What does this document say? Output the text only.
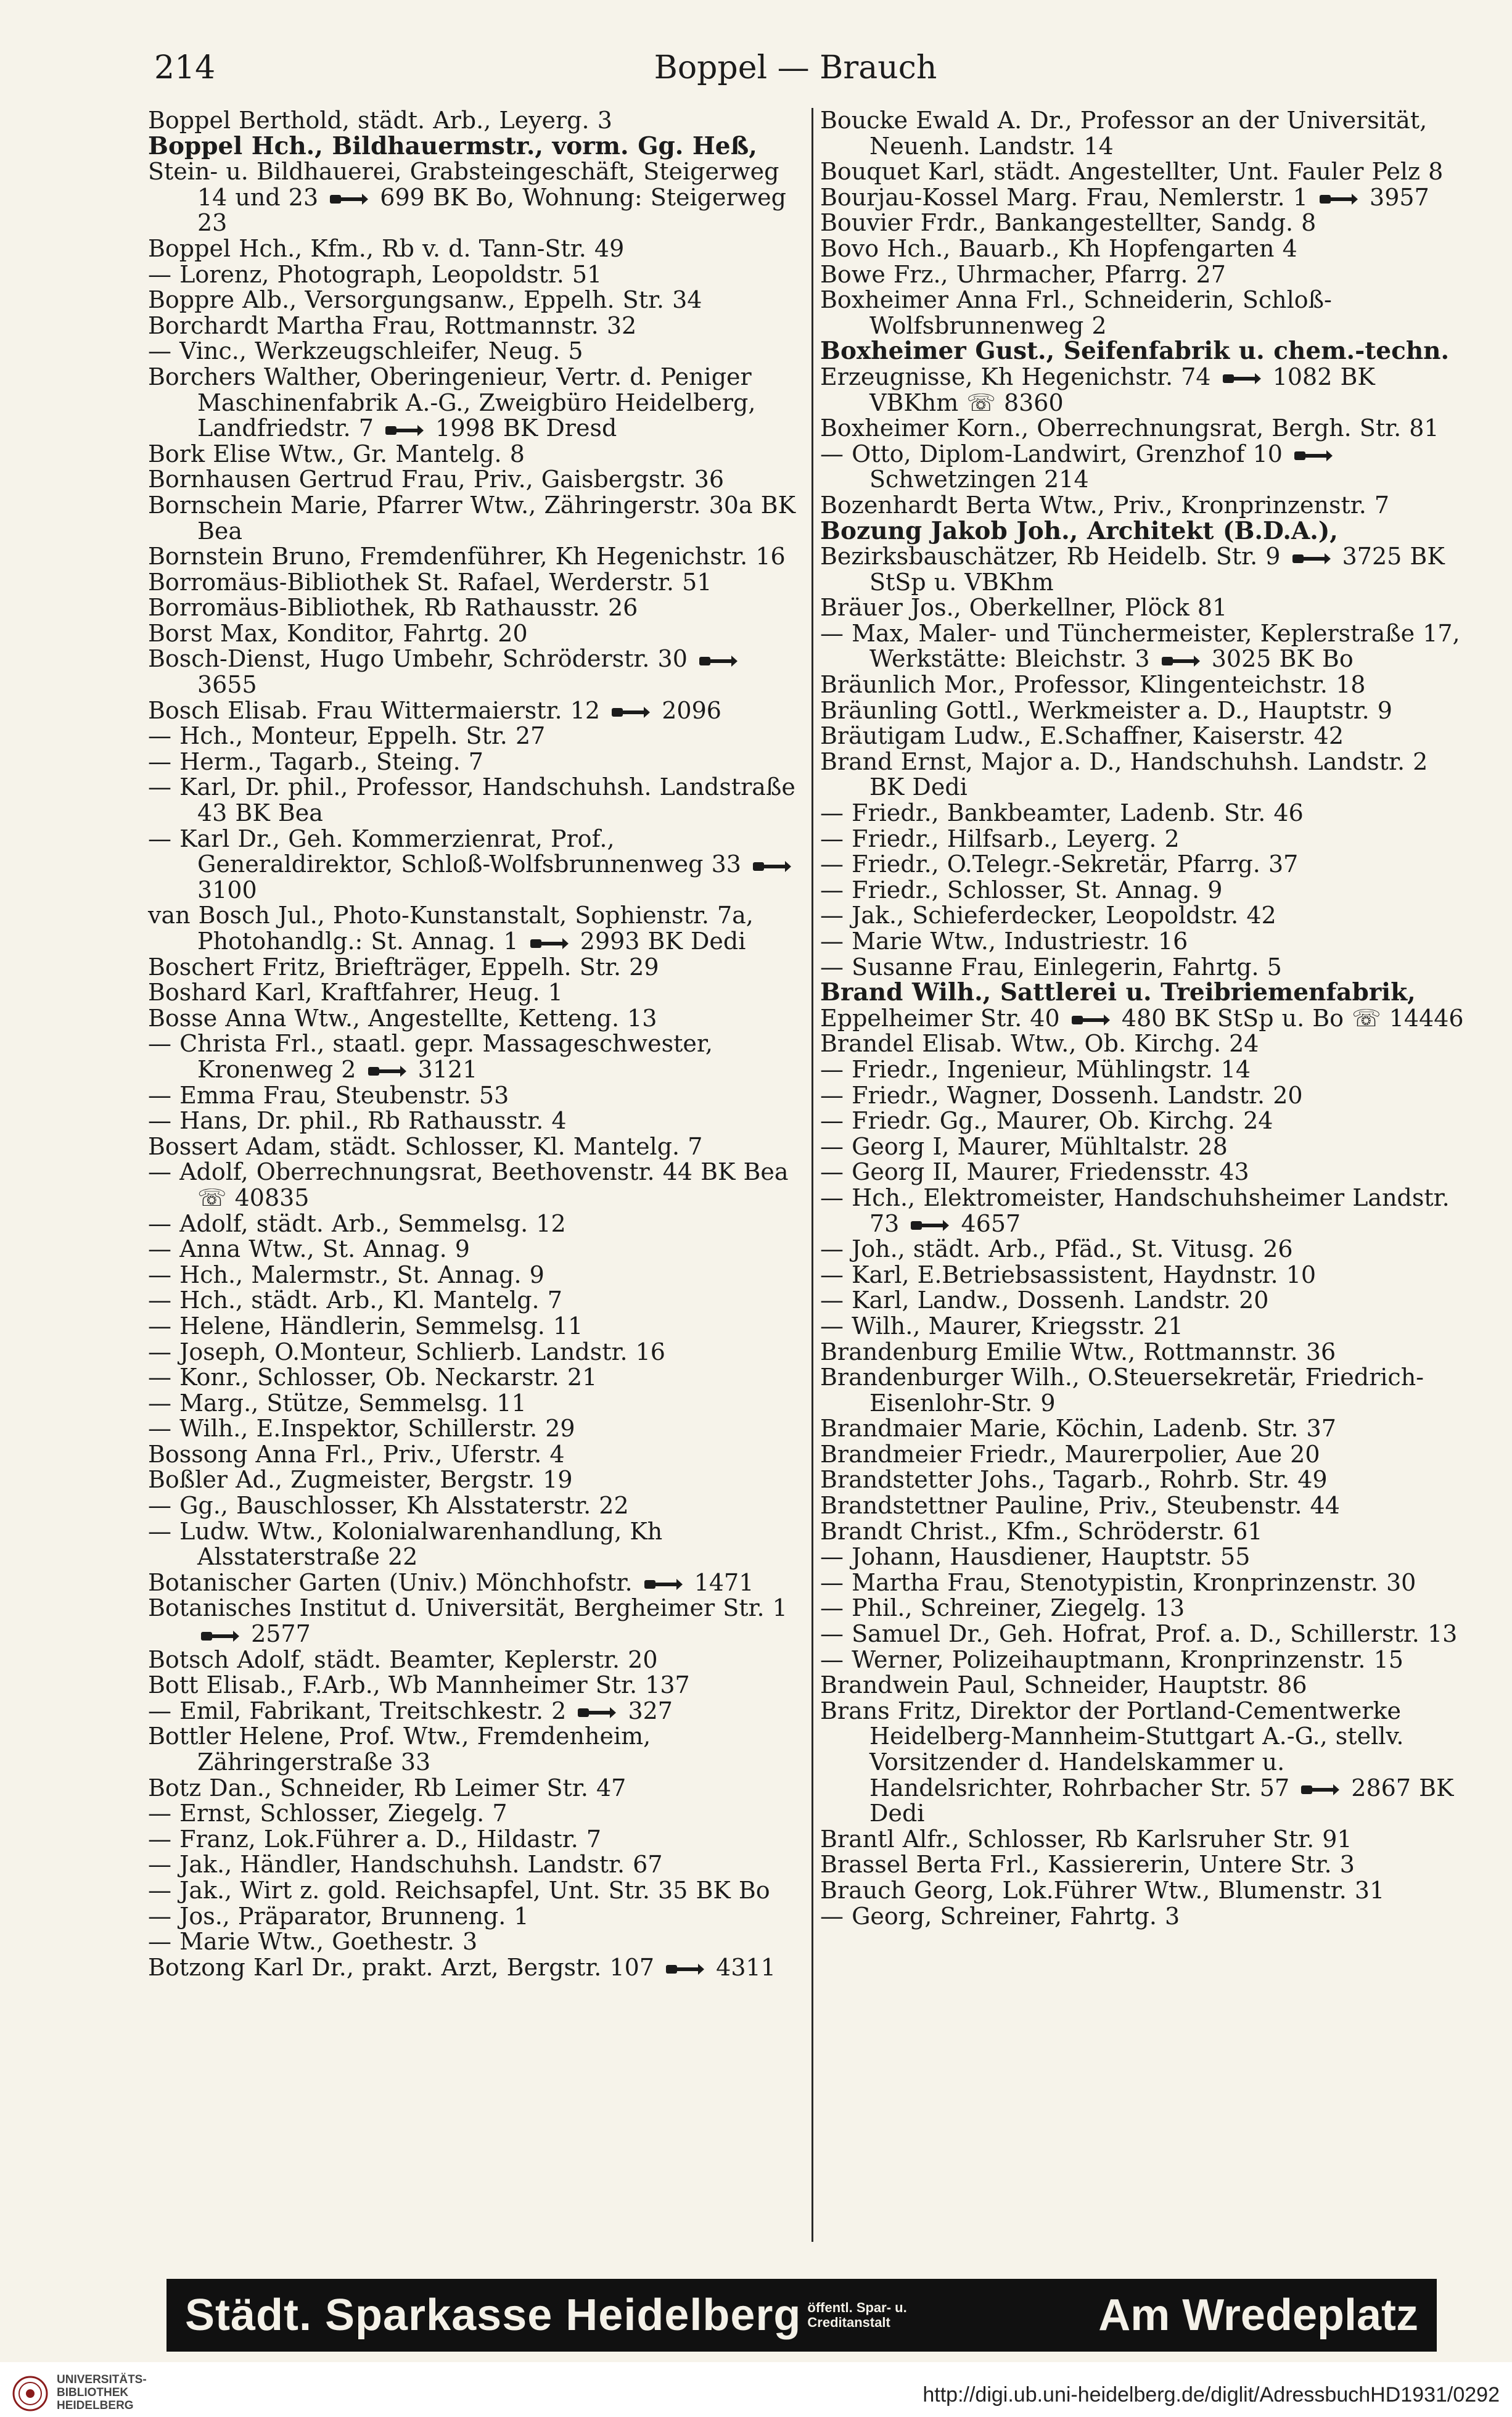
214	Boppel — Brauch
Boppel Berthold, städt. Arb., Leyerg. 3
Boppel Hch., Bildhauermstr., vorm. Gg. Heß,
Stein- u. Bildhauerei, Grabsteingeschäft, Steigerweg 14 und 23
699 BK Bo, Wohnung: Steigerweg 23
Boppel Hch., Kfm., Rb v. d. Tann-Str. 49
— Lorenz, Photograph, Leopoldstr. 51
Boppre Alb., Versorgungsanw., Eppelh. Str. 34
Borchardt Martha Frau, Rottmannstr. 32
— Vinc., Werkzeugschleifer, Neug. 5
Borchers Walther, Oberingenieur, Vertr. d. Peniger Maschinenfabrik A.-G., Zweigbüro Heidelberg, Landfriedstr. 7
1998 BK Dresd
Bork Elise Wtw., Gr. Mantelg. 8
Bornhausen Gertrud Frau, Priv., Gaisbergstr. 36
Bornschein Marie, Pfarrer Wtw., Zähringerstr. 30a BK Bea
Bornstein Bruno, Fremdenführer, Kh Hegenichstr. 16
Borromäus-Bibliothek St. Rafael, Werderstr. 51
Borromäus-Bibliothek, Rb Rathausstr. 26
Borst Max, Konditor, Fahrtg. 20
Bosch-Dienst, Hugo Umbehr, Schröderstr. 30
3655
Bosch Elisab. Frau Wittermaierstr. 12
2096
— Hch., Monteur, Eppelh. Str. 27
— Herm., Tagarb., Steing. 7
— Karl, Dr. phil., Professor, Handschuhsh. Landstraße 43 BK Bea
— Karl Dr., Geh. Kommerzienrat, Prof., Generaldirektor, Schloß-Wolfsbrunnenweg 33
3100
van Bosch Jul., Photo-Kunstanstalt, Sophienstr. 7a, Photohandlg.: St. Annag. 1
2993 BK Dedi
Boschert Fritz, Briefträger, Eppelh. Str. 29
Boshard Karl, Kraftfahrer, Heug. 1
Bosse Anna Wtw., Angestellte, Ketteng. 13
— Christa Frl., staatl. gepr. Massageschwester, Kronenweg 2
3121
— Emma Frau, Steubenstr. 53
— Hans, Dr. phil., Rb Rathausstr. 4
Bossert Adam, städt. Schlosser, Kl. Mantelg. 7
— Adolf, Oberrechnungsrat, Beethovenstr. 44 BK Bea ☏ 40835
— Adolf, städt. Arb., Semmelsg. 12
— Anna Wtw., St. Annag. 9
— Hch., Malermstr., St. Annag. 9
— Hch., städt. Arb., Kl. Mantelg. 7
— Helene, Händlerin, Semmelsg. 11
— Joseph, O.Monteur, Schlierb. Landstr. 16
— Konr., Schlosser, Ob. Neckarstr. 21
— Marg., Stütze, Semmelsg. 11
— Wilh., E.Inspektor, Schillerstr. 29
Bossong Anna Frl., Priv., Uferstr. 4
Boßler Ad., Zugmeister, Bergstr. 19
— Gg., Bauschlosser, Kh Alsstaterstr. 22
— Ludw. Wtw., Kolonialwarenhandlung, Kh Alsstaterstraße 22
Botanischer Garten (Univ.) Mönchhofstr.
1471
Botanisches Institut d. Universität, Bergheimer Str. 1
2577
Botsch Adolf, städt. Beamter, Keplerstr. 20
Bott Elisab., F.Arb., Wb Mannheimer Str. 137
— Emil, Fabrikant, Treitschkestr. 2
327
Bottler Helene, Prof. Wtw., Fremdenheim, Zähringerstraße 33
Botz Dan., Schneider, Rb Leimer Str. 47
— Ernst, Schlosser, Ziegelg. 7
— Franz, Lok.Führer a. D., Hildastr. 7
— Jak., Händler, Handschuhsh. Landstr. 67
— Jak., Wirt z. gold. Reichsapfel, Unt. Str. 35 BK Bo
— Jos., Präparator, Brunneng. 1
— Marie Wtw., Goethestr. 3
Botzong Karl Dr., prakt. Arzt, Bergstr. 107
4311
Boucke Ewald A. Dr., Professor an der Universität, Neuenh. Landstr. 14
Bouquet Karl, städt. Angestellter, Unt. Fauler Pelz 8
Bourjau-Kossel Marg. Frau, Nemlerstr. 1
3957
Bouvier Frdr., Bankangestellter, Sandg. 8
Bovo Hch., Bauarb., Kh Hopfengarten 4
Bowe Frz., Uhrmacher, Pfarrg. 27
Boxheimer Anna Frl., Schneiderin, Schloß-Wolfsbrunnenweg 2
Boxheimer Gust., Seifenfabrik u. chem.-techn.
Erzeugnisse, Kh Hegenichstr. 74
1082 BK VBKhm ☏ 8360
Boxheimer Korn., Oberrechnungsrat, Bergh. Str. 81
— Otto, Diplom-Landwirt, Grenzhof 10
Schwetzingen 214
Bozenhardt Berta Wtw., Priv., Kronprinzenstr. 7
Bozung Jakob Joh., Architekt (B.D.A.),
Bezirksbauschätzer, Rb Heidelb. Str. 9
3725 BK StSp u. VBKhm
Bräuer Jos., Oberkellner, Plöck 81
— Max, Maler- und Tünchermeister, Keplerstraße 17, Werkstätte: Bleichstr. 3
3025 BK Bo
Bräunlich Mor., Professor, Klingenteichstr. 18
Bräunling Gottl., Werkmeister a. D., Hauptstr. 9
Bräutigam Ludw., E.Schaffner, Kaiserstr. 42
Brand Ernst, Major a. D., Handschuhsh. Landstr. 2 BK Dedi
— Friedr., Bankbeamter, Ladenb. Str. 46
— Friedr., Hilfsarb., Leyerg. 2
— Friedr., O.Telegr.-Sekretär, Pfarrg. 37
— Friedr., Schlosser, St. Annag. 9
— Jak., Schieferdecker, Leopoldstr. 42
— Marie Wtw., Industriestr. 16
— Susanne Frau, Einlegerin, Fahrtg. 5
Brand Wilh., Sattlerei u. Treibriemenfabrik,
Eppelheimer Str. 40
480 BK StSp u. Bo ☏ 14446
Brandel Elisab. Wtw., Ob. Kirchg. 24
— Friedr., Ingenieur, Mühlingstr. 14
— Friedr., Wagner, Dossenh. Landstr. 20
— Friedr. Gg., Maurer, Ob. Kirchg. 24
— Georg I, Maurer, Mühltalstr. 28
— Georg II, Maurer, Friedensstr. 43
— Hch., Elektromeister, Handschuhsheimer Landstr. 73
4657
— Joh., städt. Arb., Pfäd., St. Vitusg. 26
— Karl, E.Betriebsassistent, Haydnstr. 10
— Karl, Landw., Dossenh. Landstr. 20
— Wilh., Maurer, Kriegsstr. 21
Brandenburg Emilie Wtw., Rottmannstr. 36
Brandenburger Wilh., O.Steuersekretär, Friedrich-Eisenlohr-Str. 9
Brandmaier Marie, Köchin, Ladenb. Str. 37
Brandmeier Friedr., Maurerpolier, Aue 20
Brandstetter Johs., Tagarb., Rohrb. Str. 49
Brandstettner Pauline, Priv., Steubenstr. 44
Brandt Christ., Kfm., Schröderstr. 61
— Johann, Hausdiener, Hauptstr. 55
— Martha Frau, Stenotypistin, Kronprinzenstr. 30
— Phil., Schreiner, Ziegelg. 13
— Samuel Dr., Geh. Hofrat, Prof. a. D., Schillerstr. 13
— Werner, Polizeihauptmann, Kronprinzenstr. 15
Brandwein Paul, Schneider, Hauptstr. 86
Brans Fritz, Direktor der Portland-Cementwerke Heidelberg-Mannheim-Stuttgart A.-G., stellv. Vorsitzender d. Handelskammer u. Handelsrichter, Rohrbacher Str. 57
2867 BK Dedi
Brantl Alfr., Schlosser, Rb Karlsruher Str. 91
Brassel Berta Frl., Kassiererin, Untere Str. 3
Brauch Georg, Lok.Führer Wtw., Blumenstr. 31
— Georg, Schreiner, Fahrtg. 3
Städt. Sparkasse Heidelberg öffentl. Spar- u.
Creditanstalt	Am Wredeplatz
UNIVERSITÄTS-
BIBLIOTHEK
HEIDELBERG	http://digi.ub.uni-heidelberg.de/diglit/AdressbuchHD1931/0292
